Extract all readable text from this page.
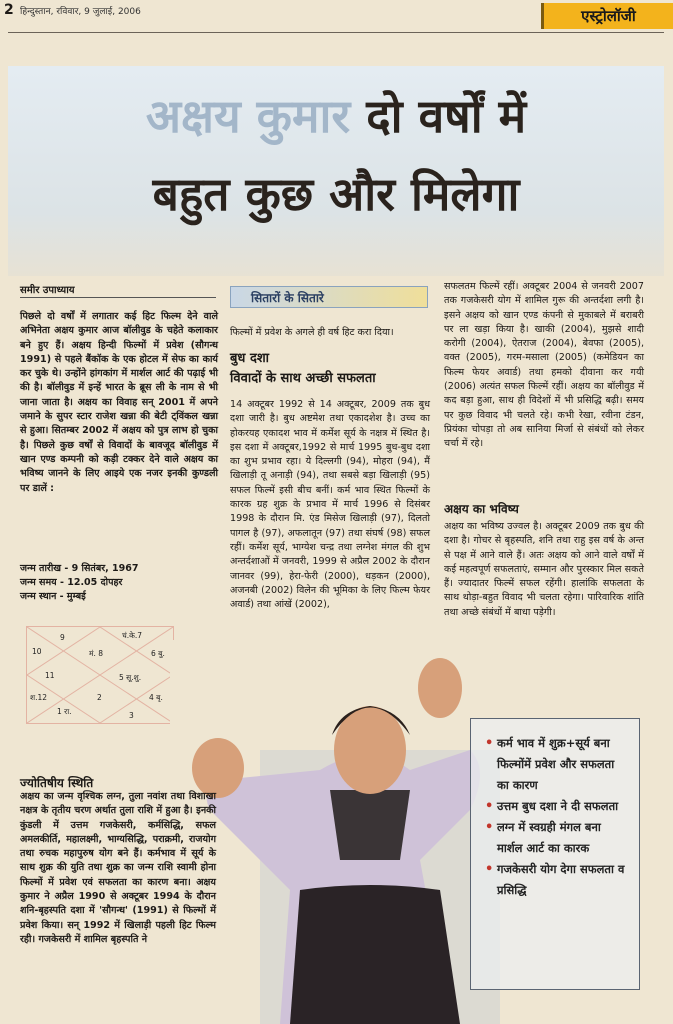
2 हिन्दुस्तान, रविवार, 9 जुलाई, 2006	एस्ट्रोलॉजी
अक्षय कुमार दो वर्षों में
बहुत कुछ और मिलेगा
समीर उपाध्याय

पिछले दो वर्षों में लगातार कई हिट फिल्म देने वाले अभिनेता अक्षय कुमार आज बॉलीवुड के चहेते कलाकार बने हुए हैं। अक्षय हिन्दी फिल्मों में प्रवेश (सौगन्ध 1991) से पहले बैंकॉक के एक होटल में सेफ का कार्य कर चुके थे। उन्होंने हांगकांग में मार्शल आर्ट की पढ़ाई भी की है। बॉलीवुड में इन्हें भारत के ब्रूस ली के नाम से भी जाना जाता है। अक्षय का विवाह सन् 2001 में अपने जमाने के सुपर स्टार राजेश खन्ना की बेटी ट्विंकल खन्ना से हुआ। सितम्बर 2002 में अक्षय को पुत्र लाभ हो चुका है। पिछले कुछ वर्षों से विवादों के बावजूद बॉलीवुड में खान एण्ड कम्पनी को कड़ी टक्कर देने वाले अक्षय का भविष्य जानने के लिए आइये एक नजर इनकी कुण्डली पर डालें :

जन्म तारीख - 9 सितंबर, 1967
जन्म समय - 12.05 दोपहर
जन्म स्थान - मुम्बई
9	चं.के.7
10	मं. 8	6 बु.
11	5 सू.शु.
श.12	2	4 बृ.
1 रा.	3
सितारों के सितारे
फिल्मों में प्रवेश के अगले ही वर्ष हिट करा दिया।
बुध दशा
विवादों के साथ अच्छी सफलता

14 अक्टूबर 1992 से 14 अक्टूबर, 2009 तक बुध दशा जारी है। बुध अष्टमेश तथा एकादशेश है। उच्च का होकरयह एकादश भाव में कर्मेश सूर्य के नक्षत्र में स्थित है। इस दशा में अक्टूबर,1992 से मार्च 1995 बुध-बुध दशा का शुभ प्रभाव रहा। ये दिल्लगी (94), मोहरा (94), मैं खिलाड़ी तू अनाड़ी (94), तथा सबसे बड़ा खिलाड़ी (95) सफल फिल्में इसी बीच बनीं। कर्म भाव स्थित फिल्मों के कारक ग्रह शुक्र के प्रभाव में मार्च 1996 से दिसंबर 1998 के दौरान मि. एंड मिसेज खिलाड़ी (97), दिलतो पागल है (97), अफलातून (97) तथा संघर्ष (98) सफल रहीं। कर्मेश सूर्य, भाग्येश चन्द्र तथा लग्नेश मंगल की शुभ अन्तर्दशाओं में जनवरी, 1999 से अप्रैल 2002 के दौरान जानवर (99), हेरा-फेरी (2000), धड़कन (2000), अजनबी (2002) विलेन की भूमिका के लिए फिल्म फेयर अवार्ड) तथा आंखें (2002),

सफलतम फिल्में रहीं। अक्टूबर 2004 से जनवरी 2007 तक गजकेसरी योग में शामिल गुरू की अन्तर्दशा लगी है। इसने अक्षय को खान एण्ड कंपनी से मुकाबले में बराबरी पर ला खड़ा किया है। खाकी (2004), मुझसे शादी करोगी (2004), ऐतराज (2004), बेवफा (2005), वक्त (2005), गरम-मसाला (2005) (कमेडियन का फिल्म फेयर अवार्ड) तथा हमको दीवाना कर गयी (2006) अत्यंत सफल फिल्में रहीं। अक्षय का बॉलीवुड में कद बड़ा हुआ, साथ ही विदेशों में भी प्रसिद्धि बढ़ी। समय पर कुछ विवाद भी चलते रहे। कभी रेखा, रवीना टंडन, प्रियंका चोपड़ा तो अब सानिया मिर्जा से संबंधों को लेकर चर्चा में रहे।

अक्षय का भविष्य

अक्षय का भविष्य उज्वल है। अक्टूबर 2009 तक बुध की दशा है। गोचर से बृहस्पति, शनि तथा राहु इस वर्ष के अन्त से पक्ष में आने वाले हैं। अतः अक्षय को आने वाले वर्षों में कई महत्वपूर्ण सफलताएं, सम्मान और पुरस्कार मिल सकते हैं। ज्यादातर फिल्में सफल रहेंगी। हालांकि सफलता के साथ थोड़ा-बहुत विवाद भी चलता रहेगा। पारिवारिक शांति तथा अच्छे संबंधों में बाधा पड़ेगी।

ज्योतिषीय स्थिति

अक्षय का जन्म वृश्चिक लग्न, तुला नवांश तथा विशाखा नक्षत्र के तृतीय चरण अर्थात तुला राशि में हुआ है। इनकी कुंडली में उत्तम गजकेसरी, कर्मसिद्धि, सफल अमलकीर्ति, महालक्ष्मी, भाग्यसिद्धि, पराक्रमी, राजयोग तथा रुचक महापुरुष योग बने हैं। कर्मभाव में सूर्य के साथ शुक्र की युति तथा शुक्र का जन्म राशि स्वामी होना फिल्मों में प्रवेश एवं सफलता का कारण बना। अक्षय कुमार ने अप्रैल 1990 से अक्टूबर 1994 के दौरान शनि-बृहस्पति दशा में 'सौगन्ध' (1991) से फिल्मों में प्रवेश किया। सन् 1992 में खिलाड़ी पहली हिट फिल्म रही। गजकेसरी में शामिल बृहस्पति ने

• कर्म भाव में शुक्र+सूर्य बना फिल्मोंमें प्रवेश और सफलता का कारण
• उत्तम बुध दशा ने दी सफलता
• लग्न में स्वग्रही मंगल बना मार्शल आर्ट का कारक
• गजकेसरी योग देगा सफलता व प्रसिद्धि
